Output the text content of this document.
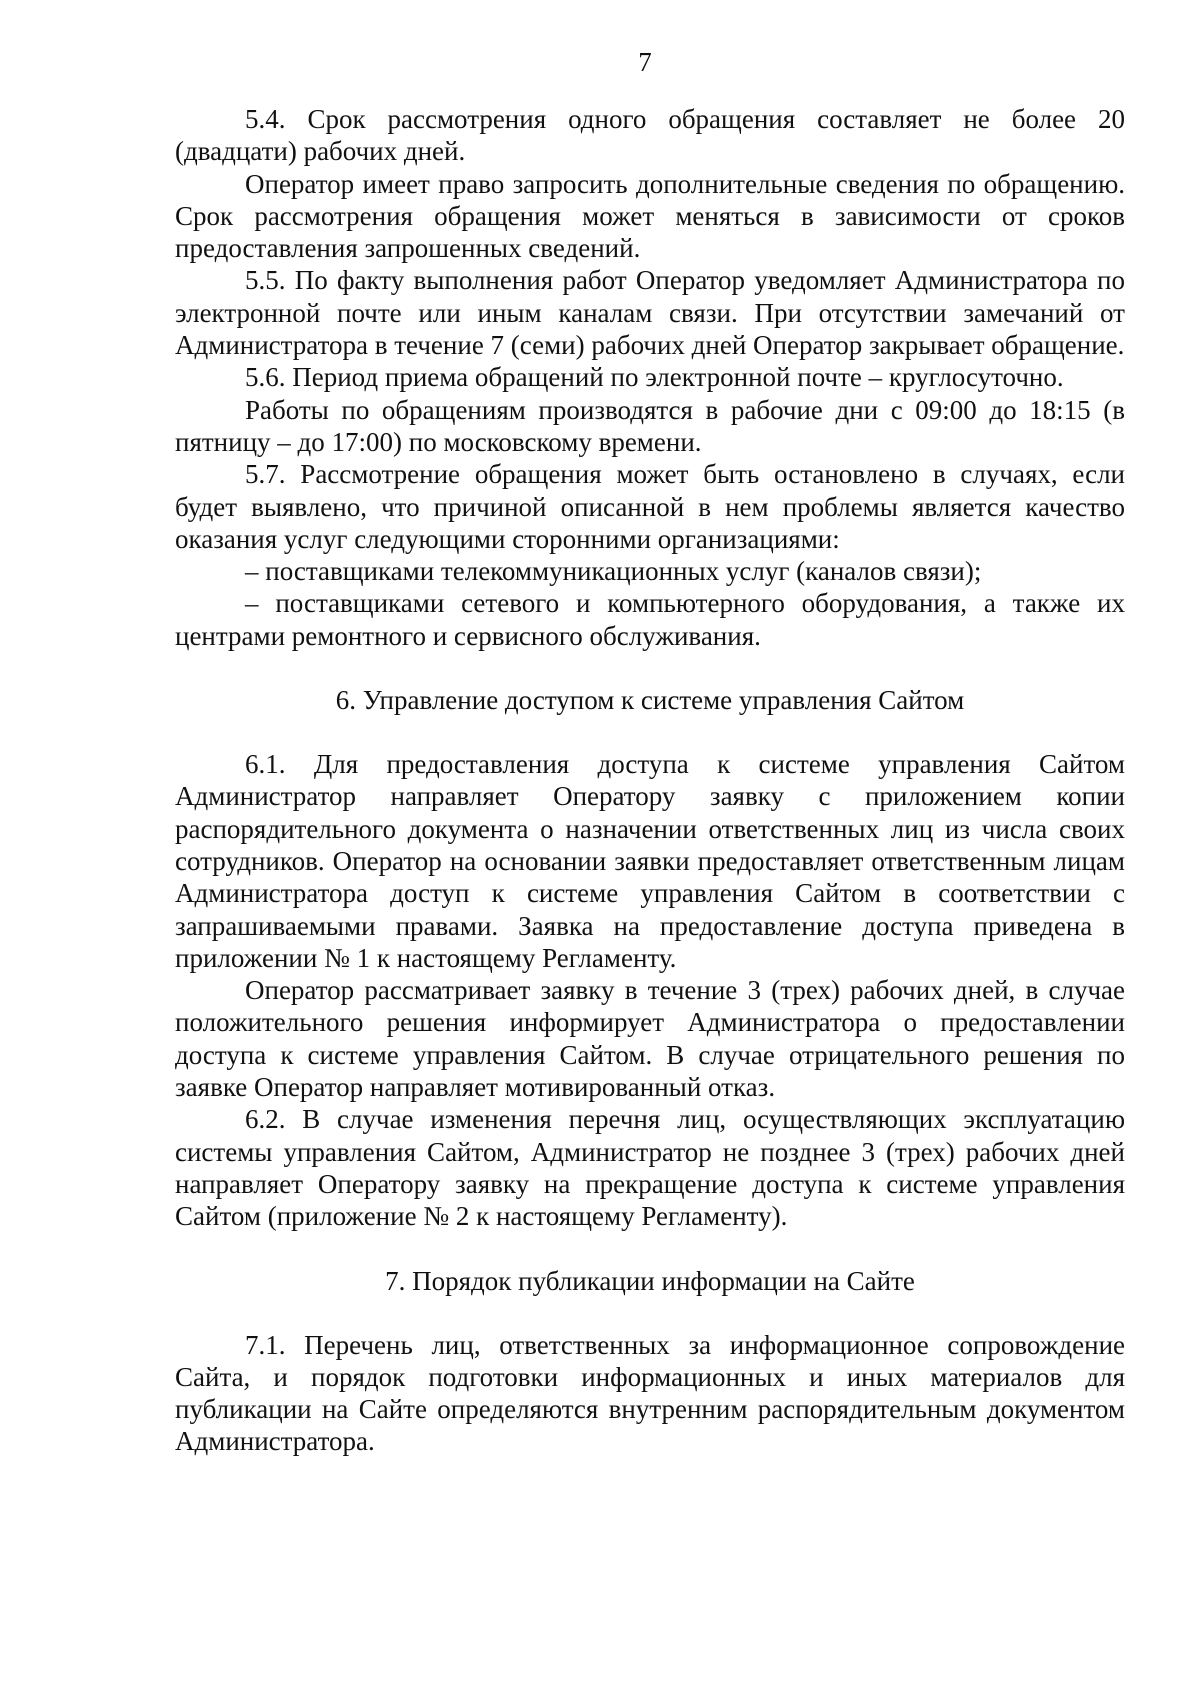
7

5.4. Срок рассмотрения одного обращения составляет не более 20 (двадцати) рабочих дней.

Оператор имеет право запросить дополнительные сведения по обращению. Срок рассмотрения обращения может меняться в зависимости от сроков предоставления запрошенных сведений.

5.5. По факту выполнения работ Оператор уведомляет Администратора по электронной почте или иным каналам связи. При отсутствии замечаний от Администратора в течение 7 (семи) рабочих дней Оператор закрывает обращение.

5.6. Период приема обращений по электронной почте – круглосуточно.

Работы по обращениям производятся в рабочие дни с 09:00 до 18:15 (в пятницу – до 17:00) по московскому времени.

5.7. Рассмотрение обращения может быть остановлено в случаях, если будет выявлено, что причиной описанной в нем проблемы является качество оказания услуг следующими сторонними организациями:

– поставщиками телекоммуникационных услуг (каналов связи);

– поставщиками сетевого и компьютерного оборудования, а также их центрами ремонтного и сервисного обслуживания.

6. Управление доступом к системе управления Сайтом

6.1. Для предоставления доступа к системе управления Сайтом Администратор направляет Оператору заявку с приложением копии распорядительного документа о назначении ответственных лиц из числа своих сотрудников. Оператор на основании заявки предоставляет ответственным лицам Администратора доступ к системе управления Сайтом в соответствии с запрашиваемыми правами. Заявка на предоставление доступа приведена в приложении № 1 к настоящему Регламенту.

Оператор рассматривает заявку в течение 3 (трех) рабочих дней, в случае положительного решения информирует Администратора о предоставлении доступа к системе управления Сайтом. В случае отрицательного решения по заявке Оператор направляет мотивированный отказ.

6.2. В случае изменения перечня лиц, осуществляющих эксплуатацию системы управления Сайтом, Администратор не позднее 3 (трех) рабочих дней направляет Оператору заявку на прекращение доступа к системе управления Сайтом (приложение № 2 к настоящему Регламенту).

7. Порядок публикации информации на Сайте

7.1. Перечень лиц, ответственных за информационное сопровождение Сайта, и порядок подготовки информационных и иных материалов для публикации на Сайте определяются внутренним распорядительным документом Администратора.
